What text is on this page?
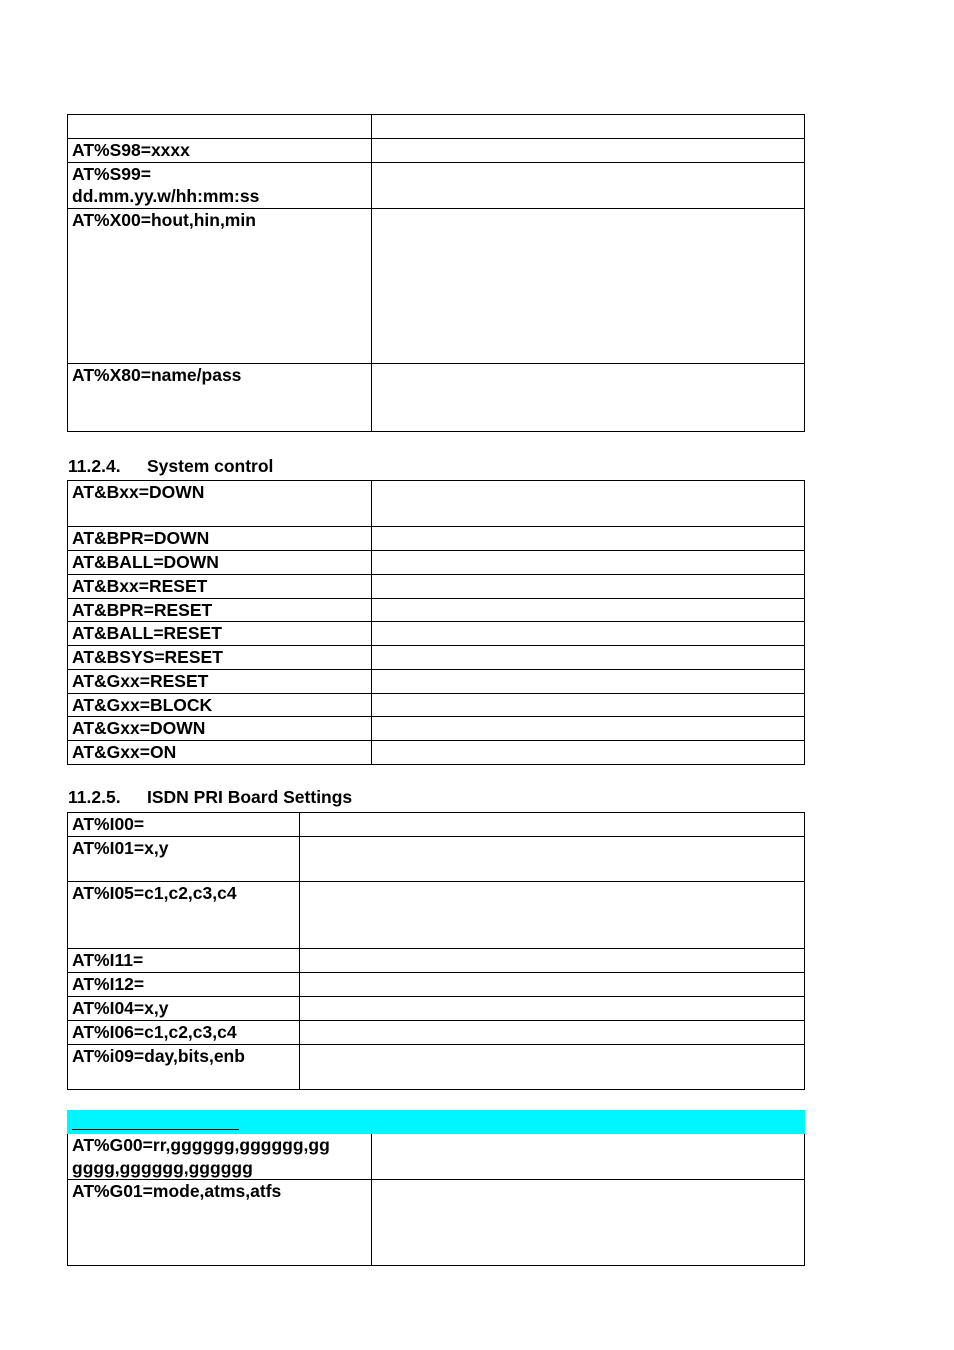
AT%S98=xxxx	
AT%S99=
dd.mm.yy.w/hh:mm:ss	
AT%X00=hout,hin,min	
AT%X80=name/pass	
11.2.4. System control
AT&Bxx=DOWN	
AT&BPR=DOWN	
AT&BALL=DOWN	
AT&Bxx=RESET	
AT&BPR=RESET	
AT&BALL=RESET	
AT&BSYS=RESET	
AT&Gxx=RESET	
AT&Gxx=BLOCK	
AT&Gxx=DOWN	
AT&Gxx=ON	
11.2.5. ISDN PRI Board Settings
AT%I00=	
AT%I01=x,y	
AT%I05=c1,c2,c3,c4	
AT%I11=	
AT%I12=	
AT%I04=x,y	
AT%I06=c1,c2,c3,c4	
AT%i09=day,bits,enb	

AT%G00=rr,gggggg,gggggg,gg
gggg,gggggg,gggggg	
AT%G01=mode,atms,atfs	
